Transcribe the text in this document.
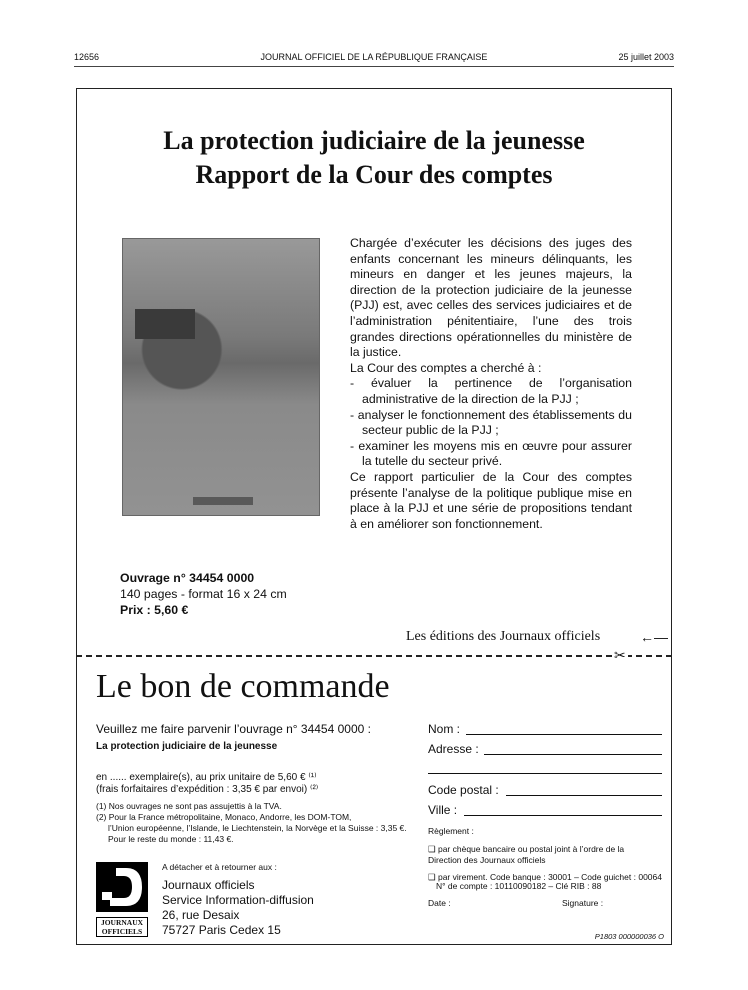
12656	JOURNAL OFFICIEL DE LA RÉPUBLIQUE FRANÇAISE	25 juillet 2003
La protection judiciaire de la jeunesse
Rapport de la Cour des comptes

Chargée d’exécuter les décisions des juges des enfants concernant les mineurs délinquants, les mineurs en danger et les jeunes majeurs, la direction de la protection judiciaire de la jeunesse (PJJ) est, avec celles des services judiciaires et de l’administration pénitentiaire, l’une des trois grandes directions opérationnelles du ministère de la justice.

La Cour des comptes a cherché à :

- évaluer la pertinence de l’organisation administrative de la direction de la PJJ ;
- analyser le fonctionnement des établissements du secteur public de la PJJ ;
- examiner les moyens mis en œuvre pour assurer la tutelle du secteur privé.

Ce rapport particulier de la Cour des comptes présente l’analyse de la politique publique mise en place à la PJJ et une série de propositions tendant à en améliorer son fonctionnement.

Ouvrage n° 34454 0000
140 pages - format 16 x 24 cm
Prix : 5,60 €
Les éditions des Journaux officiels	←—
✂
Le bon de commande
Veuillez me faire parvenir l’ouvrage n° 34454 0000 :
La protection judiciaire de la jeunesse
en ...... exemplaire(s), au prix unitaire de 5,60 € ⁽¹⁾
(frais forfaitaires d’expédition : 3,35 € par envoi) ⁽²⁾
(1) Nos ouvrages ne sont pas assujettis à la TVA.
(2) Pour la France métropolitaine, Monaco, Andorre, les DOM-TOM,
l’Union européenne, l’Islande, le Liechtenstein, la Norvège et la Suisse : 3,35 €.
Pour le reste du monde : 11,43 €.
A détacher et à retourner aux :
Journaux officiels
Service Information-diffusion
26, rue Desaix
75727 Paris Cedex 15
JOURNAUX
OFFICIELS
Nom :
Adresse :
Code postal :
Ville :
Règlement :
❑ par chèque bancaire ou postal joint à l’ordre de la Direction des Journaux officiels
❑ par virement. Code banque : 30001 – Code guichet : 00064
N° de compte : 10110090182 – Clé RIB : 88
Date :	Signature :
P1803 000000036 O
